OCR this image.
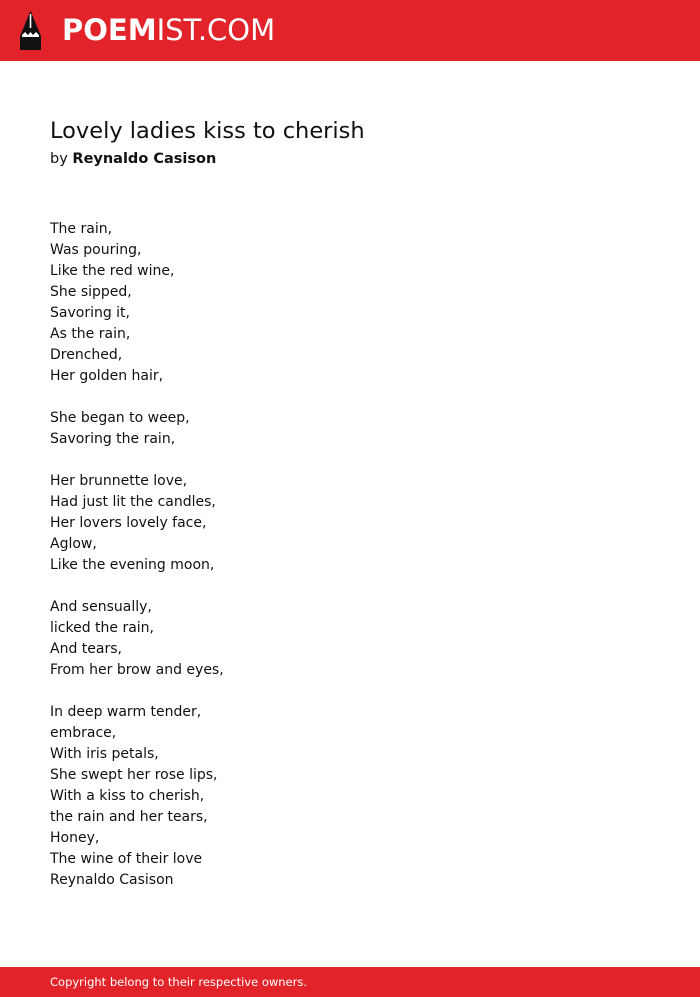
POEMIST.COM
Lovely ladies kiss to cherish
by Reynaldo Casison
The rain,
Was pouring,
Like the red wine,
She sipped,
Savoring it,
As the rain,
Drenched,
Her golden hair,
She began to weep,
Savoring the rain,
Her brunnette love,
Had just lit the candles,
Her lovers lovely face,
Aglow,
Like the evening moon,
And sensually,
licked the rain,
And tears,
From her brow and eyes,
In deep warm tender,
embrace,
With iris petals,
She swept her rose lips,
With a kiss to cherish,
the rain and her tears,
Honey,
The wine of their love
Reynaldo Casison
Copyright belong to their respective owners.
